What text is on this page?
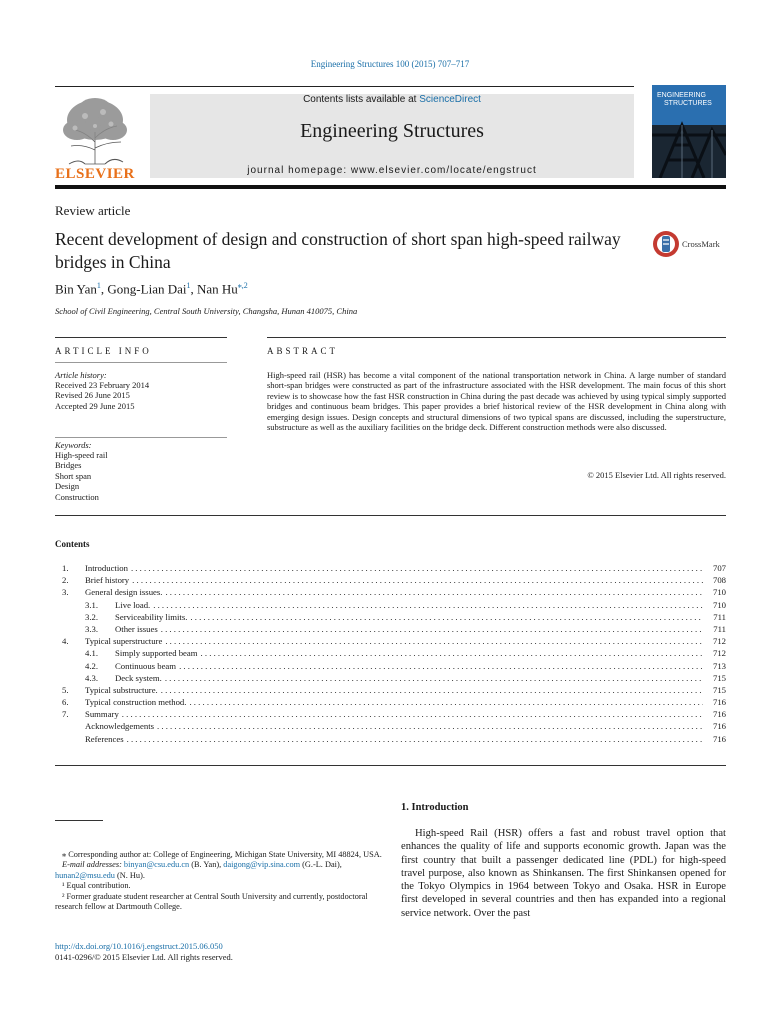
Engineering Structures 100 (2015) 707–717
ELSEVIER
Contents lists available at ScienceDirect
Engineering Structures
journal homepage: www.elsevier.com/locate/engstruct
ENGINEERING
STRUCTURES
Review article
Recent development of design and construction of short span high-speed railway bridges in China
CrossMark
Bin Yan$^1$, Gong-Lian Dai$^1$, Nan $Hu^{⁎,2}$
School of Civil Engineering, Central South University, Changsha, Hunan 410075, China
ARTICLE INFO	ABSTRACT
Article history:
Received 23 February 2014
Revised 26 June 2015
Accepted 29 June 2015
Keywords:
High-speed rail
Bridges
Short span
Design
Construction

High-speed rail (HSR) has become a vital component of the national transportation network in China. A large number of standard short-span bridges were constructed as part of the infrastructure associated with the HSR development. The main focus of this short review is to showcase how the fast HSR construction in China during the past decade was achieved by using typical simply supported bridges and continuous beam bridges. This paper provides a brief historical review of the HSR development in China along with emerging design issues. Design concepts and structural dimensions of two typical spans are discussed, including the superstructure, substructure as well as the auxiliary facilities on the bridge deck. Different construction methods were also discussed.

© 2015 Elsevier Ltd. All rights reserved.
Contents
1.	Introduction . . .	707
2.	Brief history . . .	708
3.	General design issues. . . .	710
3.1.	Live load. . . .	710
3.2.	Serviceability limits. . . .	711
3.3.	Other issues . . .	711
4.	Typical superstructure . . .	712
4.1.	Simply supported beam . . .	712
4.2.	Continuous beam . . .	713
4.3.	Deck system. . . .	715
5.	Typical substructure. . . .	715
6.	Typical construction method. . . .	716
7.	Summary . . .	716
Acknowledgements . . .	716
References . . .	716

⁎ Corresponding author at: College of Engineering, Michigan State University, MI 48824, USA.

E-mail addresses: binyan@csu.edu.cn (B. Yan), daigong@vip.sina.com (G.-L. Dai),
hunan2@msu.edu (N. Hu).

¹ Equal contribution.

² Former graduate student researcher at Central South University and currently, postdoctoral research fellow at Dartmouth College.

http://dx.doi.org/10.1016/j.engstruct.2015.06.050
0141-0296/© 2015 Elsevier Ltd. All rights reserved.
1. Introduction

High-speed Rail (HSR) offers a fast and robust travel option that enhances the quality of life and supports economic growth. Japan was the first country that built a passenger dedicated line (PDL) for high-speed travel purpose, also known as Shinkansen. The first Shinkansen opened for the Tokyo Olympics in 1964 between Tokyo and Osaka. HSR in Europe first developed in several countries and then has expanded into a regional service network. Over the past
